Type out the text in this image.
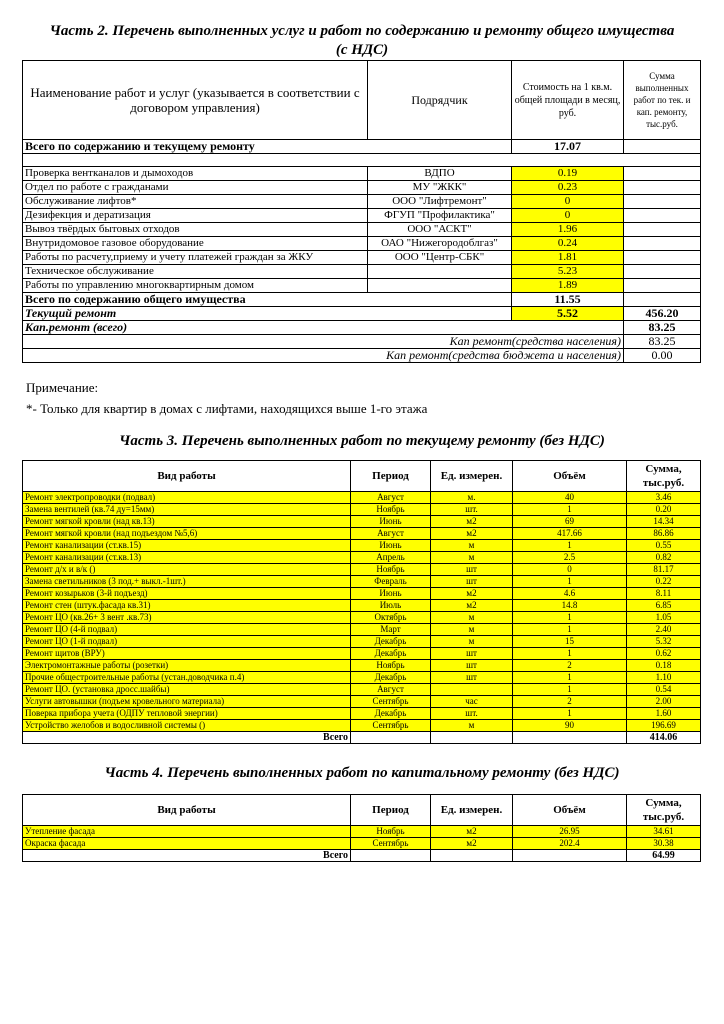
Часть 2. Перечень выполненных услуг и работ по содержанию и ремонту общего имущества
(с НДС)
Наименование работ и услуг (указывается в соответствии с договором управления)	Подрядчик	Стоимость на 1 кв.м. общей площади в месяц, руб.	Сумма выполненных работ по тек. и кап. ремонту, тыс.руб.
Всего по содержанию и текущему ремонту		17.07	

Проверка вентканалов и дымоходов	ВДПО	0.19	
Отдел по работе с гражданами	МУ "ЖКК"	0.23	
Обслуживание лифтов*	ООО "Лифтремонт"	0	
Дезифекция и дератизация	ФГУП "Профилактика"	0	
Вывоз твёрдых бытовых отходов	ООО "АСКТ"	1.96	
Внутридомовое газовое оборудование	ОАО "Нижегородоблгаз"	0.24	
Работы по расчету,приему и учету платежей граждан за ЖКУ	ООО "Центр-СБК"	1.81	
Техническое обслуживание		5.23	
Работы по управлению многоквартирным домом		1.89	
Всего по содержанию общего имущества		11.55	
Текущий ремонт		5.52	456.20
Кап.ремонт (всего)			83.25
Кап ремонт(средства населения)			83.25
Кап ремонт(средства бюджета и населения)			0.00
Примечание:
*- Только для квартир в домах с лифтами, находящихся выше 1-го этажа
Часть 3. Перечень выполненных работ по текущему ремонту (без НДС)
Вид работы	Период	Ед. измерен.	Объём	Сумма, тыс.руб.
Ремонт электропроводки (подвал)	Август	м.	40	3.46
Замена вентилей (кв.74 ду=15мм)	Ноябрь	шт.	1	0.20
Ремонт мягкой кровли (над кв.13)	Июнь	м2	69	14.34
Ремонт мягкой кровли (над подъездом №5,6)	Август	м2	417.66	86.86
Ремонт канализации (ст.кв.15)	Июнь	м	1	0.55
Ремонт канализации (ст.кв.13)	Апрель	м	2.5	0.82
Ремонт д/х и в/к ()	Ноябрь	шт	0	81.17
Замена светильников (3 под.+ выкл.-1шт.)	Февраль	шт	1	0.22
Ремонт козырьков (3-й подъезд)	Июнь	м2	4.6	8.11
Ремонт стен (штук.фасада кв.31)	Июль	м2	14.8	6.85
Ремонт ЦО (кв.26+ 3 вент .кв.73)	Октябрь	м	1	1.05
Ремонт ЦО (4-й подвал)	Март	м	1	2.40
Ремонт ЦО (1-й подвал)	Декабрь	м	15	5.32
Ремонт щитов (ВРУ)	Декабрь	шт	1	0.62
Электромонтажные работы (розетки)	Ноябрь	шт	2	0.18
Прочие общестроительные работы (устан.доводчика п.4)	Декабрь	шт	1	1.10
Ремонт ЦО. (установка дросс.шайбы)	Август		1	0.54
Услуги автовышки (подъем кровельного материала)	Сентябрь	час	2	2.00
Поверка прибора учета (ОДПУ тепловой энергии)	Декабрь	шт.	1	1.60
Устройство желобов и водосливной системы ()	Сентябрь	м	90	196.69
Всего				414.06
Часть 4. Перечень выполненных работ по капитальному ремонту (без НДС)
Вид работы	Период	Ед. измерен.	Объём	Сумма, тыс.руб.
Утепление фасада	Ноябрь	м2	26.95	34.61
Окраска фасада	Сентябрь	м2	202.4	30.38
Всего				64.99
